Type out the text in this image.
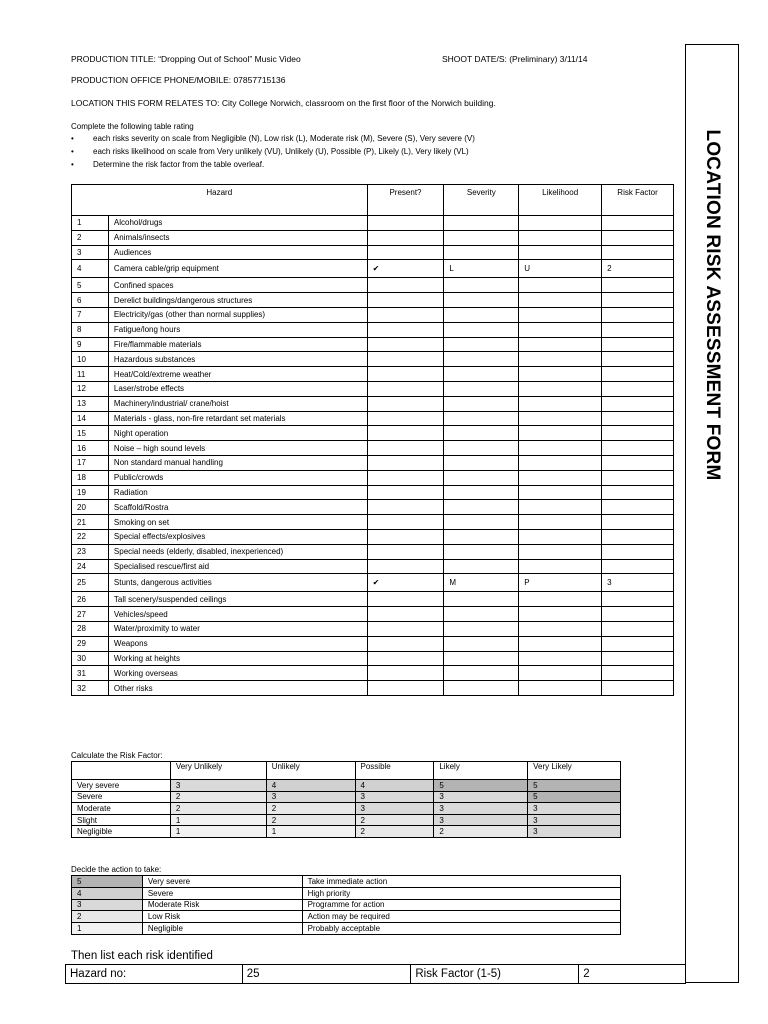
LOCATION RISK ASSESSMENT FORM
PRODUCTION TITLE: “Dropping Out of School” Music Video	SHOOT DATE/S: (Preliminary) 3/11/14
PRODUCTION OFFICE PHONE/MOBILE: 07857715136
LOCATION THIS FORM RELATES TO: City College Norwich, classroom on the first floor of the Norwich building.
Complete the following table rating
• each risks severity on scale from Negligible (N), Low risk (L), Moderate risk (M), Severe (S), Very severe (V)
• each risks likelihood on scale from Very unlikely (VU), Unlikely (U), Possible (P), Likely (L), Very likely (VL)
• Determine the risk factor from the table overleaf.
Hazard		Present?	Severity	Likelihood	Risk Factor
1	Alcohol/drugs				
2	Animals/insects				
3	Audiences				
4	Camera cable/grip equipment	✔	L	U	2
5	Confined spaces				
6	Derelict buildings/dangerous structures				
7	Electricity/gas (other than normal supplies)				
8	Fatigue/long hours				
9	Fire/flammable materials				
10	Hazardous substances				
11	Heat/Cold/extreme weather				
12	Laser/strobe effects				
13	Machinery/industrial/ crane/hoist				
14	Materials - glass, non-fire retardant set materials				
15	Night operation				
16	Noise – high sound levels				
17	Non standard manual handling				
18	Public/crowds				
19	Radiation				
20	Scaffold/Rostra				
21	Smoking on set				
22	Special effects/explosives				
23	Special needs (elderly, disabled, inexperienced)				
24	Specialised rescue/first aid				
25	Stunts, dangerous activities	✔	M	P	3
26	Tall scenery/suspended ceilings				
27	Vehicles/speed				
28	Water/proximity to water				
29	Weapons				
30	Working at heights				
31	Working overseas				
32	Other risks				
Calculate the Risk Factor:
	Very Unlikely	Unlikely	Possible	Likely	Very Likely
Very severe	3	4	4	5	5
Severe	2	3	3	3	5
Moderate	2	2	3	3	3
Slight	1	2	2	3	3
Negligible	1	1	2	2	3
Decide the action to take:
5	Very severe	Take immediate action
4	Severe	High priority
3	Moderate Risk	Programme for action
2	Low Risk	Action may be required
1	Negligible	Probably acceptable
Then list each risk identified
Hazard no:	25	Risk Factor (1-5)	2
